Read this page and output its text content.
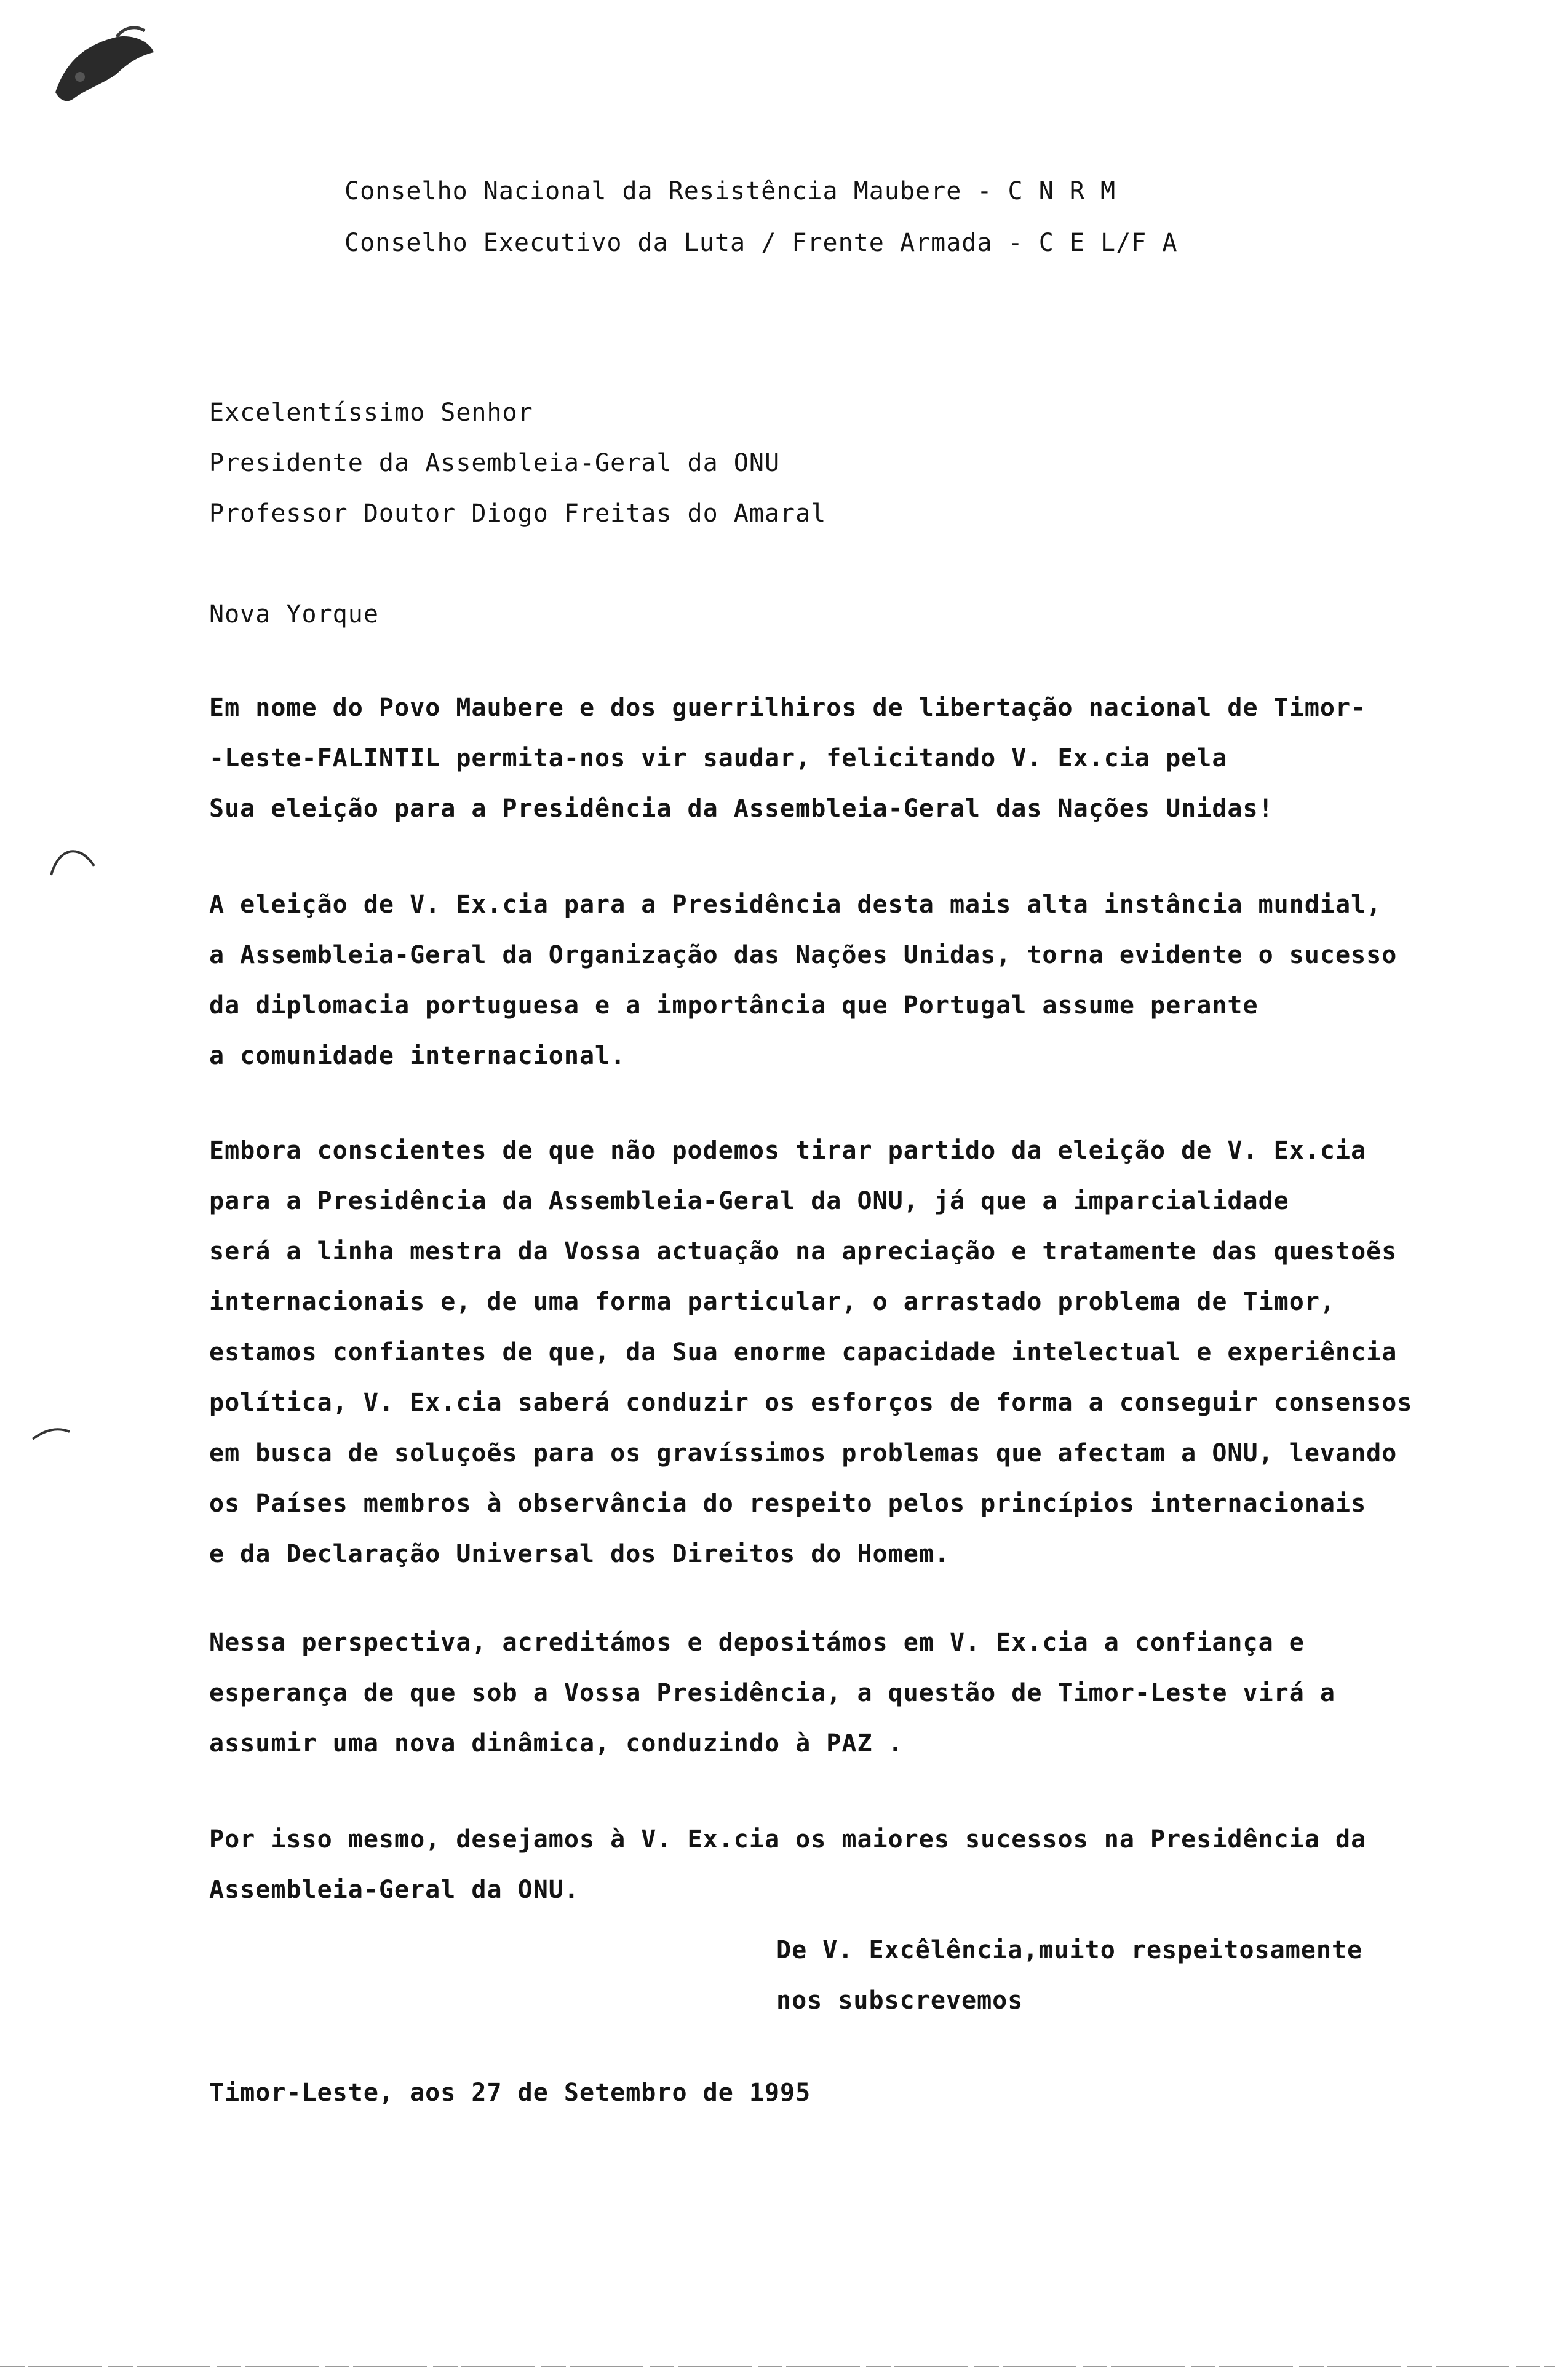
Conselho Nacional da Resistência Maubere - C N R M
Conselho Executivo da Luta / Frente Armada - C E L/F A
Excelentíssimo Senhor
Presidente da Assembleia-Geral da ONU
Professor Doutor Diogo Freitas do Amaral
Nova Yorque
Em nome do Povo Maubere e dos guerrilhiros de libertação nacional de Timor-
-Leste-FALINTIL permita-nos vir saudar, felicitando V. Ex.cia pela
Sua eleição para a Presidência da Assembleia-Geral das Nações Unidas!
A eleição de V. Ex.cia para a Presidência desta mais alta instância mundial,
a Assembleia-Geral da Organização das Nações Unidas, torna evidente o sucesso
da diplomacia portuguesa e a importância que Portugal assume perante
a comunidade internacional.
Embora conscientes de que não podemos tirar partido da eleição de V. Ex.cia
para a Presidência da Assembleia-Geral da ONU, já que a imparcialidade
será a linha mestra da Vossa actuação na apreciação e tratamente das questoẽs
internacionais e, de uma forma particular, o arrastado problema de Timor,
estamos confiantes de que, da Sua enorme capacidade intelectual e experiência
política, V. Ex.cia saberá conduzir os esforços de forma a conseguir consensos
em busca de soluçoẽs para os gravíssimos problemas que afectam a ONU, levando
os Países membros à observância do respeito pelos princípios internacionais
e da Declaração Universal dos Direitos do Homem.
Nessa perspectiva, acreditámos e depositámos em V. Ex.cia a confiança e
esperança de que sob a Vossa Presidência, a questão de Timor-Leste virá a
assumir uma nova dinâmica, conduzindo à PAZ .
Por isso mesmo, desejamos à V. Ex.cia os maiores sucessos na Presidência da
Assembleia-Geral da ONU.
De V. Excêlência,muito respeitosamente
nos subscrevemos
Timor-Leste, aos 27 de Setembro de 1995
